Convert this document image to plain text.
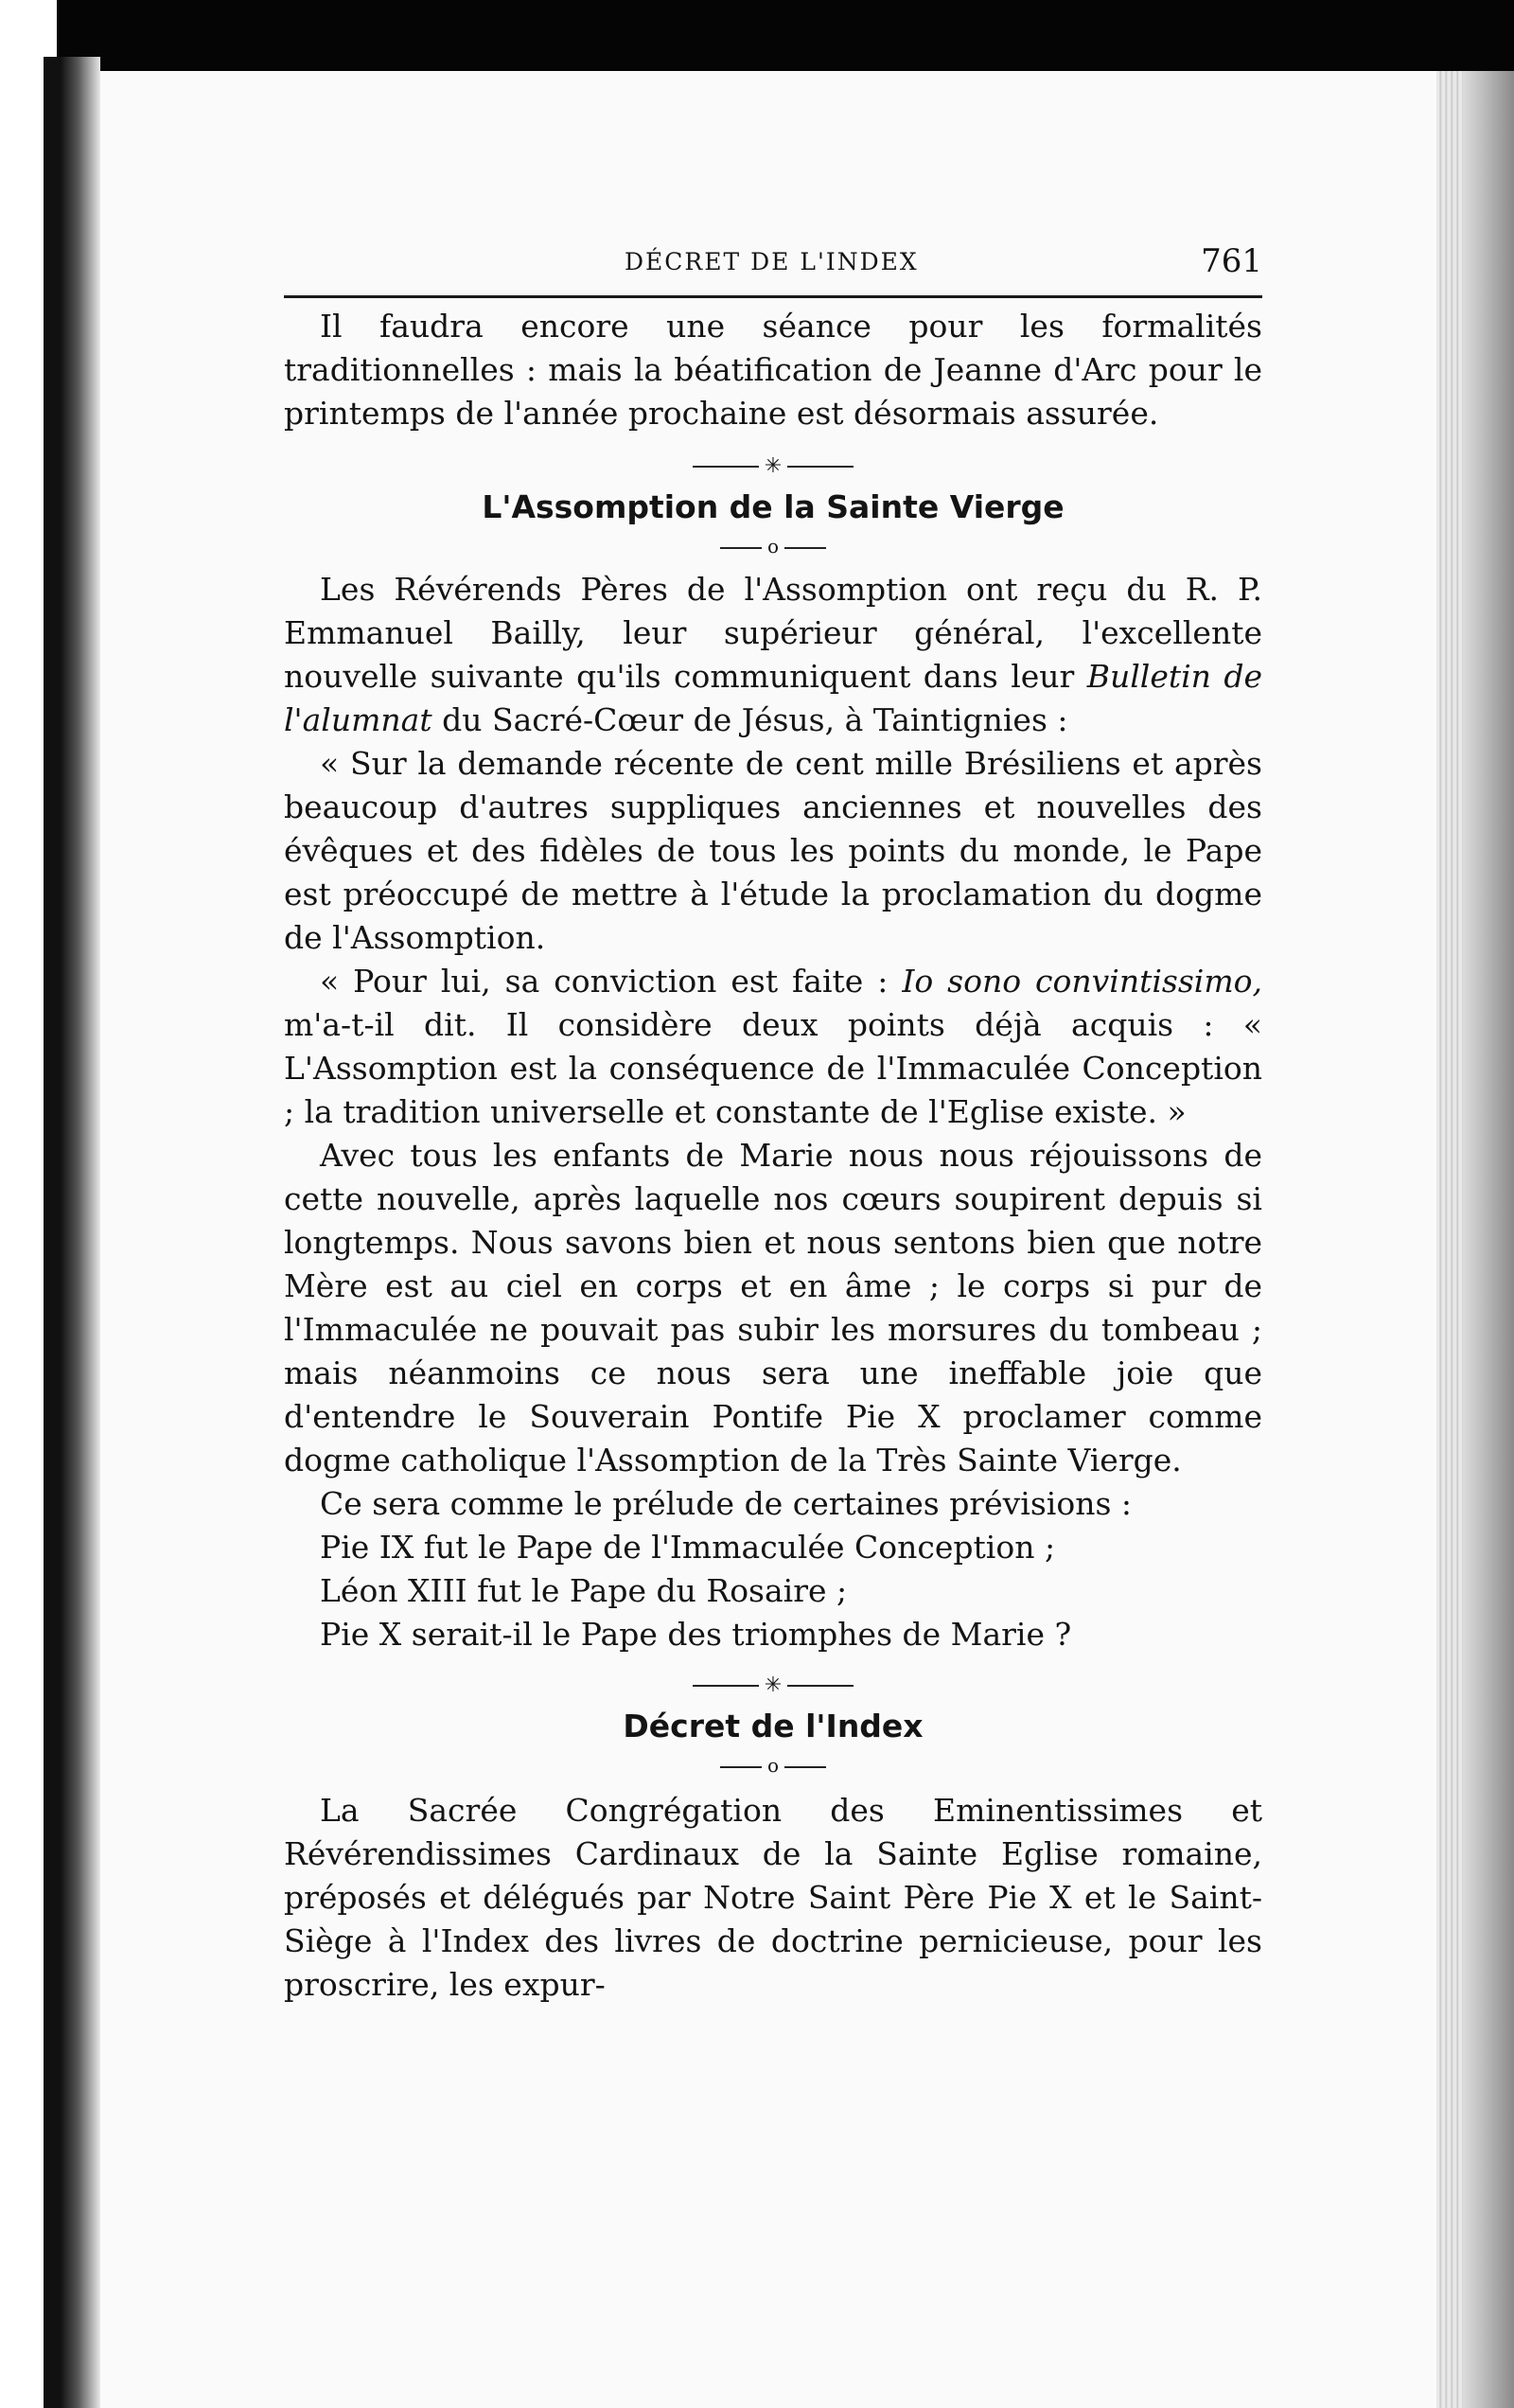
DÉCRET DE L'INDEX	761

Il faudra encore une séance pour les formalités traditionnelles : mais la béatification de Jeanne d'Arc pour le printemps de l'année prochaine est désormais assurée.

✳
L'Assomption de la Sainte Vierge
o

Les Révérends Pères de l'Assomption ont reçu du R. P. Emmanuel Bailly, leur supérieur général, l'excellente nouvelle suivante qu'ils communiquent dans leur Bulletin de l'alumnat du Sacré-Cœur de Jésus, à Taintignies :

« Sur la demande récente de cent mille Brésiliens et après beaucoup d'autres suppliques anciennes et nouvelles des évêques et des fidèles de tous les points du monde, le Pape est préoccupé de mettre à l'étude la proclamation du dogme de l'Assomption.

« Pour lui, sa conviction est faite : Io sono convintissimo, m'a-t-il dit. Il considère deux points déjà acquis : « L'Assomption est la conséquence de l'Immaculée Conception ; la tradition universelle et constante de l'Eglise existe. »

Avec tous les enfants de Marie nous nous réjouissons de cette nouvelle, après laquelle nos cœurs soupirent depuis si longtemps. Nous savons bien et nous sentons bien que notre Mère est au ciel en corps et en âme ; le corps si pur de l'Immaculée ne pouvait pas subir les morsures du tombeau ; mais néanmoins ce nous sera une ineffable joie que d'entendre le Souverain Pontife Pie X proclamer comme dogme catholique l'Assomption de la Très Sainte Vierge.

Ce sera comme le prélude de certaines prévisions :

Pie IX fut le Pape de l'Immaculée Conception ;

Léon XIII fut le Pape du Rosaire ;

Pie X serait-il le Pape des triomphes de Marie ?

✳
Décret de l'Index
o

La Sacrée Congrégation des Eminentissimes et Révérendissimes Cardinaux de la Sainte Eglise romaine, préposés et délégués par Notre Saint Père Pie X et le Saint-Siège à l'Index des livres de doctrine pernicieuse, pour les proscrire, les expur-
